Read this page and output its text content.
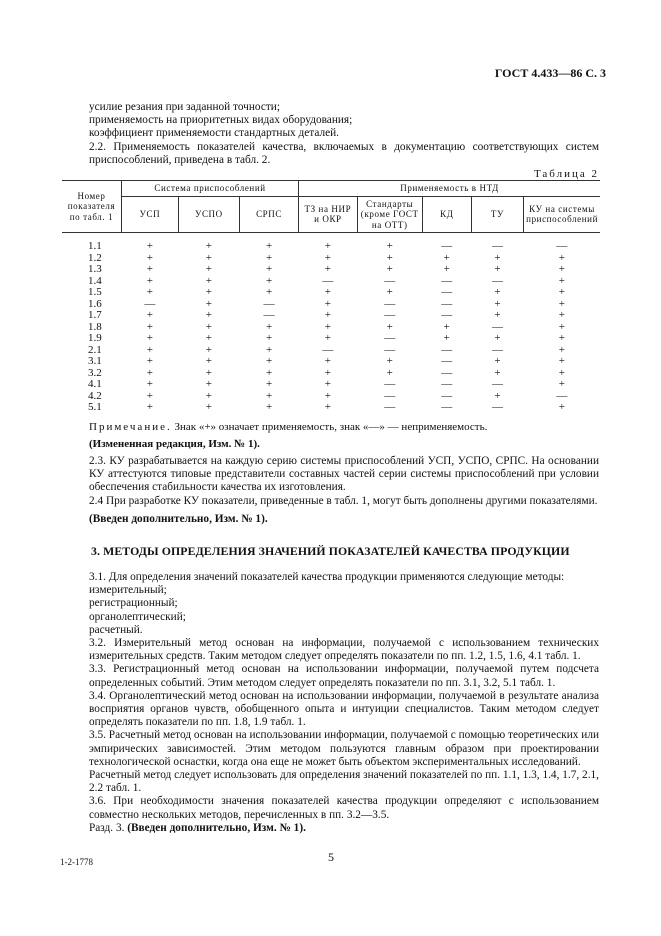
ГОСТ 4.433—86 С. 3

усилие резания при заданной точности;

применяемость на приоритетных видах оборудования;

коэффициент применяемости стандартных деталей.

2.2. Применяемость показателей качества, включаемых в документацию соответствующих систем приспособлений, приведена в табл. 2.

Таблица 2
Номер показателя по табл. 1	Система приспособлений			Применяемость в НТД				
	УСП	УСПО	СРПС	ТЗ на НИР и ОКР	Стандарты (кроме ГОСТ на ОТТ)	КД	ТУ	КУ на системы приспособлений
1.1	+	+	+	+	+	—	—	—
1.2	+	+	+	+	+	+	+	+
1.3	+	+	+	+	+	+	+	+
1.4	+	+	+	—	—	—	—	+
1.5	+	+	+	+	+	—	+	+
1.6	—	+	—	+	—	—	+	+
1.7	+	+	—	+	—	—	+	+
1.8	+	+	+	+	+	+	—	+
1.9	+	+	+	+	—	+	+	+
2.1	+	+	+	—	—	—	—	+
3.1	+	+	+	+	+	—	+	+
3.2	+	+	+	+	+	—	+	+
4.1	+	+	+	+	—	—	—	+
4.2	+	+	+	+	—	—	+	—
5.1	+	+	+	+	—	—	—	+
Примечание. Знак «+» означает применяемость, знак «—» — неприменяемость.
(Измененная редакция, Изм. № 1).

2.3. КУ разрабатывается на каждую серию системы приспособлений УСП, УСПО, СРПС. На основании КУ аттестуются типовые представители составных частей серии системы приспособлений при условии обеспечения стабильности качества их изготовления.

2.4 При разработке КУ показатели, приведенные в табл. 1, могут быть дополнены другими показателями.

(Введен дополнительно, Изм. № 1).

3. МЕТОДЫ ОПРЕДЕЛЕНИЯ ЗНАЧЕНИЙ ПОКАЗАТЕЛЕЙ КАЧЕСТВА ПРОДУКЦИИ

3.1. Для определения значений показателей качества продукции применяются следующие методы:

измерительный;

регистрационный;

органолептический;

расчетный.

3.2. Измерительный метод основан на информации, получаемой с использованием технических измерительных средств. Таким методом следует определять показатели по пп. 1.2, 1.5, 1.6, 4.1 табл. 1.

3.3. Регистрационный метод основан на использовании информации, получаемой путем подсчета определенных событий. Этим методом следует определять показатели по пп. 3.1, 3.2, 5.1 табл. 1.

3.4. Органолептический метод основан на использовании информации, получаемой в результате анализа восприятия органов чувств, обобщенного опыта и интуиции специалистов. Таким методом следует определять показатели по пп. 1.8, 1.9 табл. 1.

3.5. Расчетный метод основан на использовании информации, получаемой с помощью теоретических или эмпирических зависимостей. Этим методом пользуются главным образом при проектировании технологической оснастки, когда она еще не может быть объектом экспериментальных исследований.

Расчетный метод следует использовать для определения значений показателей по пп. 1.1, 1.3, 1.4, 1.7, 2.1, 2.2 табл. 1.

3.6. При необходимости значения показателей качества продукции определяют с использованием совместно нескольких методов, перечисленных в пп. 3.2—3.5.

Разд. 3. (Введен дополнительно, Изм. № 1).

1-2-1778	5
